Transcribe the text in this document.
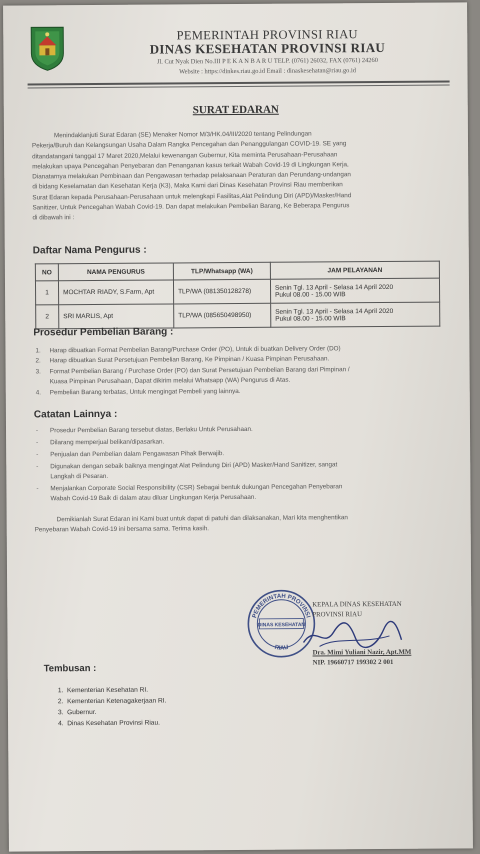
PEMERINTAH PROVINSI RIAU
DINAS KESEHATAN PROVINSI RIAU
Jl. Cut Nyak Dien No.III P E K A N B A R U TELP. (0761) 26032, FAX (0761) 24260
Website : https://dinkes.riau.go.id Email : dinaskesehatan@riau.go.id
SURAT EDARAN
Menindaklanjuti Surat Edaran (SE) Menaker Nomor M/3/HK.04/III/2020 tentang Pelindungan
Pekerja/Buruh dan Kelangsungan Usaha Dalam Rangka Pencegahan dan Penanggulangan COVID-19. SE yang
ditandatangani tanggal 17 Maret 2020,Melalui kewenangan Gubernur, Kita meminta Perusahaan-Perusahaan
melakukan upaya Pencegahan Penyebaran dan Penanganan kasus terkait Wabah Covid-19 di Lingkungan Kerja,
Dianatarnya melakukan Pembinaan dan Pengawasan terhadap pelaksanaan Peraturan dan Perundang-undangan
di bidang Keselamatan dan Kesehatan Kerja (K3), Maka Kami dari Dinas Kesehatan Provinsi Riau memberikan
Surat Edaran kepada Perusahaan-Perusahaan untuk melengkapi Fasilitas,Alat Pelindung Diri (APD)/Masker/Hand
Sanitizer, Untuk Pencegahan Wabah Covid-19. Dan dapat melakukan Pembelian Barang, Ke Beberapa Pengurus
di dibawah ini :
Daftar Nama Pengurus :
NO	NAMA PENGURUS	TLP/Whatsapp (WA)	JAM PELAYANAN
1	MOCHTAR RIADY, S.Farm, Apt	TLP/WA (081350128278)	Senin Tgl. 13 April - Selasa 14 April 2020
Pukul 08.00 - 15.00 WIB

2	SRI MARLIS, Apt	TLP/WA (085650498950)	Senin Tgl. 13 April - Selasa 14 April 2020
Pukul 08.00 - 15.00 WIB
Prosedur Pembelian Barang :
1. Harap dibuatkan Format Pembelian Barang/Purchase Order (PO), Untuk di buatkan Delivery Order (DO)
2. Harap dibuatkan Surat Persetujuan Pembelian Barang, Ke Pimpinan / Kuasa Pimpinan Perusahaan.
3. Format Pembelian Barang / Purchase Order (PO) dan Surat Persetujuan Pembelian Barang dari Pimpinan /
Kuasa Pimpinan Perusahaan, Dapat dikirim melalui Whatsapp (WA) Pengurus di Atas.
4. Pembelian Barang terbatas, Untuk mengingat Pembeli yang lainnya.
Catatan Lainnya :
- Prosedur Pembelian Barang tersebut diatas, Berlaku Untuk Perusahaan.
- Dilarang memperjual belikan/dipasarkan.
- Penjualan dan Pembelian dalam Pengawasan Pihak Berwajib.
- Digunakan dengan sebaik baiknya mengingat Alat Pelindung Diri (APD) Masker/Hand Sanitizer, sangat
Langkah di Pesaran.
- Menjalankan Corporate Social Responsibility (CSR) Sebagai bentuk dukungan Pencegahan Penyebaran
Wabah Covid-19 Baik di dalam atau diluar Lingkungan Kerja Perusahaan.
Demikianlah Surat Edaran ini Kami buat untuk dapat di patuhi dan dilaksanakan, Mari kita menghentikan
Penyebaran Wabah Covid-19 ini bersama sama. Terima kasih.
PEMERINTAH PROVINSI
DINAS KESEHATAN
RIAU
KEPALA DINAS KESEHATAN
PROVINSI RIAU
Dra. Mimi Yuliani Nazir, Apt.MM
NIP. 19660717 199302 2 001
Tembusan :
1. Kementerian Kesehatan RI.
2. Kementerian Ketenagakerjaan RI.
3. Gubernur.
4. Dinas Kesehatan Provinsi Riau.
